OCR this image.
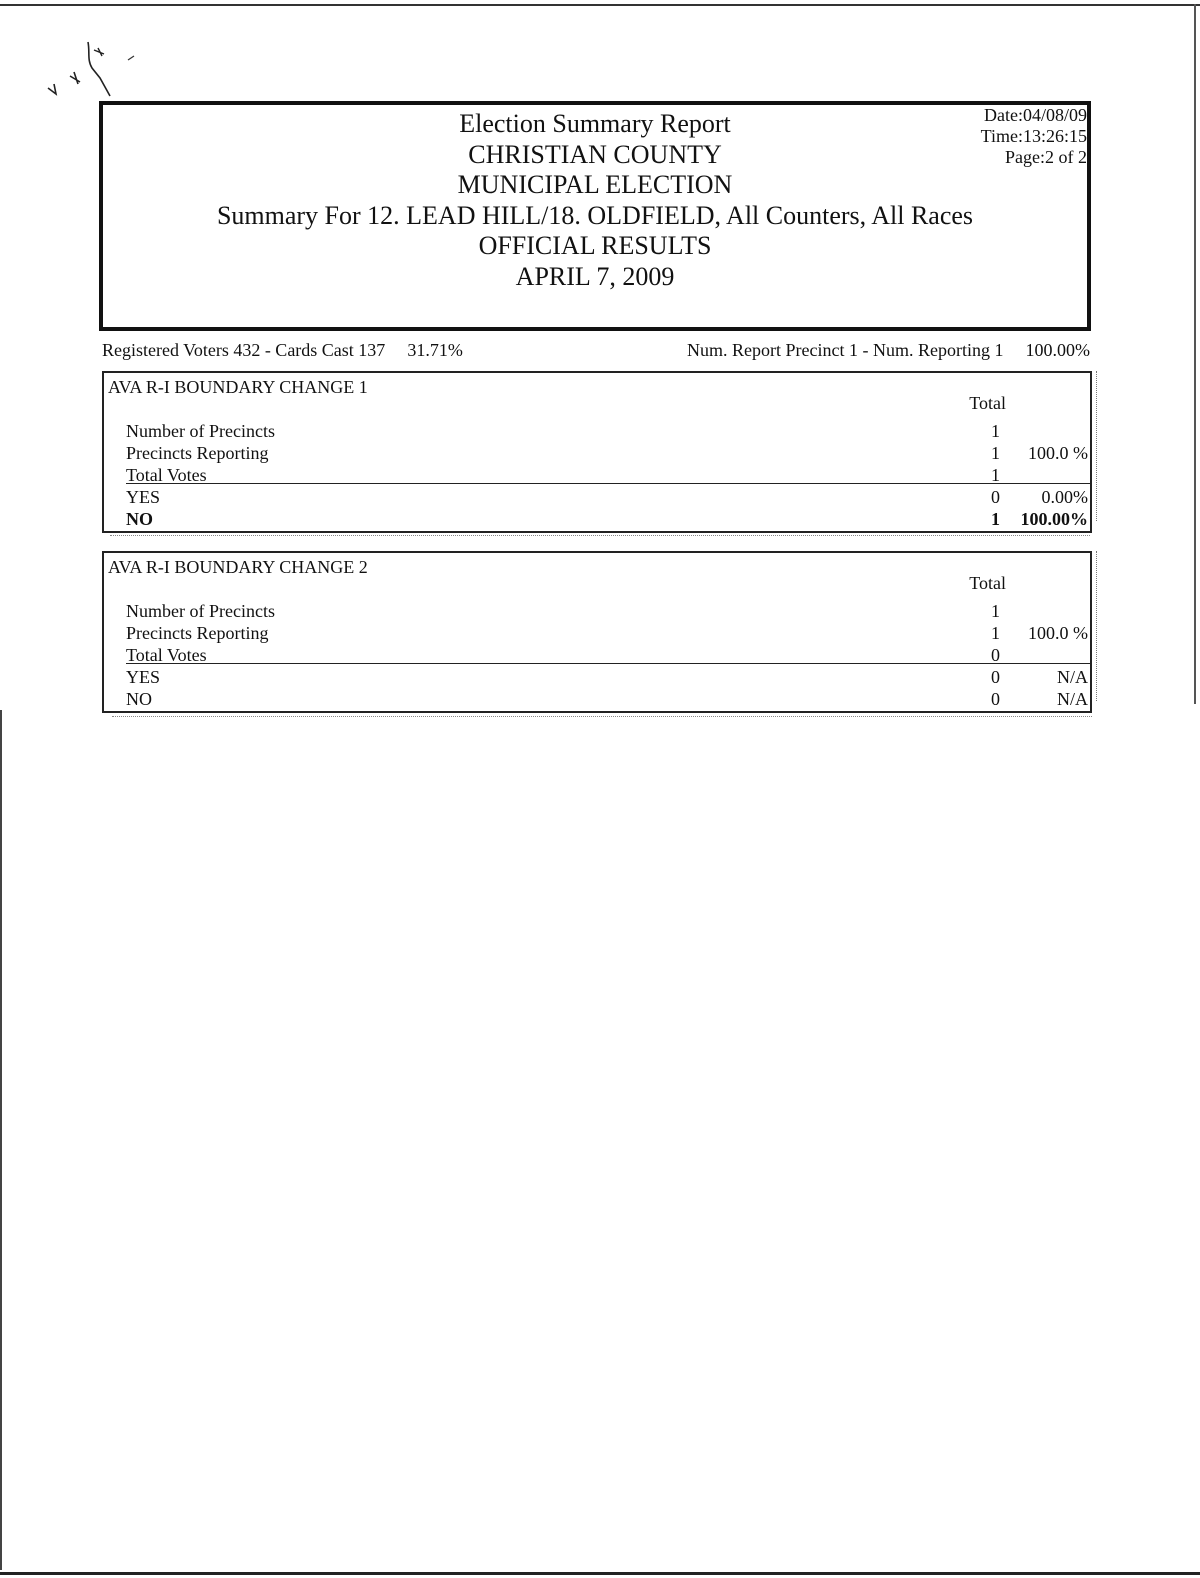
Election Summary Report
CHRISTIAN COUNTY
MUNICIPAL ELECTION
Summary For 12. LEAD HILL/18. OLDFIELD, All Counters, All Races
OFFICIAL RESULTS
APRIL 7, 2009
Date:04/08/09
Time:13:26:15
Page:2 of 2
Registered Voters 432 - Cards Cast 137 31.71%	Num. Report Precinct 1 - Num. Reporting 1 100.00%
AVA R-I BOUNDARY CHANGE 1
Total
Number of Precincts	1
Precincts Reporting	1 100.0 %
Total Votes	1
YES	0 0.00%
NO	1 100.00%
AVA R-I BOUNDARY CHANGE 2
Total
Number of Precincts	1
Precincts Reporting	1 100.0 %
Total Votes	0
YES	0	N/A
NO	0	N/A
